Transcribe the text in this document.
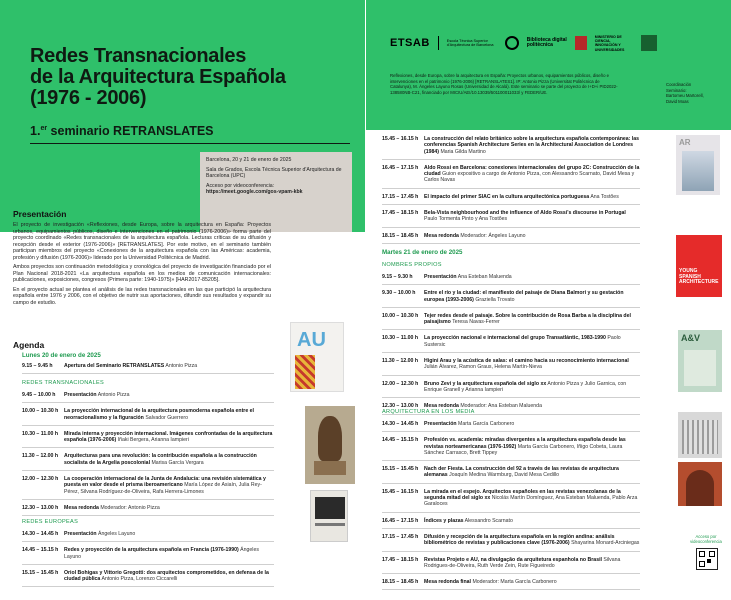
Redes Transnacionales
de la Arquitectura Española
(1976 - 2006)
1.$^{er}$ seminario RETRANSLATES

Barcelona, 20 y 21 de enero de 2025

Sala de Grados, Escola Técnica Superior d'Arquitectura de Barcelona (UPC)

Acceso por videoconferencia:

https://meet.google.com/gos-vpam-kbk

Presentación

El proyecto de investigación «Reflexiones, desde Europa, sobre la arquitectura en España: Proyectos urbanos, equipamientos públicos, diseño e intervenciones en el patrimonio (1976-2006)» forma parte del proyecto coordinado «Redes transnacionales de la arquitectura española. Lecturas críticas de su difusión y recepción desde el exterior (1976-2006)» [RETRANSLATES]. Por este motivo, en el seminario también participan miembros del proyecto «Conexiones de la arquitectura española con las Américas: academia, profesión y difusión (1976-2006)» liderado por la Universidad Politécnica de Madrid.

Ambos proyectos son continuación metodológica y cronológica del proyecto de investigación financiado por el Plan Nacional 2018-2021 «La arquitectura española en los medios de comunicación internacionales: publicaciones, exposiciones, congresos (Primera parte: 1940-1975)» [HAR2017-85205].

En el proyecto actual se plantea el análisis de las redes transnacionales en las que participó la arquitectura española entre 1976 y 2006, con el objetivo de nutrir sus aportaciones, difundir sus resultados y expandir su campo de estudio.

Agenda
Lunes 20 de enero de 2025
9.15 – 9.45 h	Apertura del Seminario RETRANSLATES Antonio Pizza
REDES TRANSNACIONALES
9.45 – 10.00 h	Presentación Antonio Pizza
10.00 – 10.30 h	La proyección internacional de la arquitectura posmoderna española entre el neorracionalismo y la figuración Salvador Guerrero
10.30 – 11.00 h	Mirada interna y proyección internacional. Imágenes confrontadas de la arquitectura española (1976-2006) Iñaki Bergera, Arianna Iampieri
11.30 – 12.00 h	Arquitecturas para una revolución: la contribución española a la construcción socialista de la Argelia poscolonial Marisa García Vergara
12.00 – 12.30 h	La cooperación internacional de la Junta de Andalucía: una revisión sistemática y puesta en valor desde el prisma iberoamericano María López de Asiaín, Julia Rey-Pérez, Silvana Rodríguez-de-Oliveira, Rafa Herrera-Limones
12.30 – 13.00 h	Mesa redonda Moderador: Antonio Pizza
REDES EUROPEAS
14.30 – 14.45 h	Presentación Ángeles Layuno
14.45 – 15.15 h	Redes y proyección de la arquitectura española en Francia (1976-1990) Ángeles Layuno
15.15 – 15.45 h	Oriol Bohigas y Vittorio Gregotti: dos arquitectos comprometidos, en defensa de la ciudad pública Antonio Pizza, Lorenzo Ciccarelli
AU
ETSAB	Escola Tècnica Superior d'Arquitectura de Barcelona
Biblioteca digital politècnica
MINISTERIO DE CIENCIA, INNOVACIÓN Y UNIVERSIDADES
Reflexiones, desde Europa, sobre la arquitectura en España: Proyectos urbanos, equipamientos públicos, diseño e intervenciones en el patrimonio (1976-2006) [RETRANSLATES1]. IP: Antonio Pizza (Universitat Politècnica de Catalunya), M. Ángeles Layuno Rosas (Universidad de Alcalá). Este seminario se parte del proyecto de I+D+i PID2022-138580NB-C21, financiado por MICIU/AEI/10.13039/501100011033/ y FEDER/UE.
Coordinación
Seminario:
Bartomeu Martorell,
David Moas
15.45 – 16.15 h	La construcción del relato británico sobre la arquitectura española contemporánea: las conferencias Spanish Architecture Series en la Architectural Association de Londres (1984) Maria Gilda Martino
16.45 – 17.15 h	Aldo Rossi en Barcelona: conexiones internacionales del grupo 2C: Construcción de la ciudad Guion expositivo a cargo de Antonio Pizza, con Alessandro Scarnato, David Mesa y Carlos Navas
17.15 – 17.45 h	El impacto del primer SIAC en la cultura arquitectónica portuguesa Ana Tostões
17.45 – 18.15 h	Bela-Vista neighbourhood and the influence of Aldo Rossi's discourse in Portugal Paulo Tormenta Pinto y Ana Tostões
18.15 – 18.45 h	Mesa redonda Moderador: Ángeles Layuno
Martes 21 de enero de 2025
NOMBRES PROPIOS
9.15 – 9.30 h	Presentación Ana Esteban Maluenda
9.30 – 10.00 h	Entre el río y la ciudad: el manifiesto del paisaje de Diana Balmori y su gestación europea (1993-2006) Graziella Trovato
10.00 – 10.30 h	Tejer redes desde el paisaje. Sobre la contribución de Rosa Barba a la disciplina del paisajismo Teresa Navas-Ferrer
10.30 – 11.00 h	La proyección nacional e internacional del grupo Transatlántic, 1983-1990 Paolo Sustersic
11.30 – 12.00 h	Higini Arau y la acústica de salas: el camino hacia su reconocimiento internacional Julián Álvarez, Ramon Graus, Helena Martín-Nieva
12.00 – 12.30 h	Bruno Zevi y la arquitectura española del siglo xx Antonio Pizza y Julio Garnica, con Enrique Granell y Arianna Iampieri
12.30 – 13.00 h	Mesa redonda Moderador: Ana Esteban Maluenda
ARQUITECTURA EN LOS MEDIA
14.30 – 14.45 h	Presentación Marta García Carbonero
14.45 – 15.15 h	Profesión vs. academia: miradas divergentes a la arquitectura española desde las revistas norteamericanas (1976-1992) Marta García Carbonero, Iñigo Cobeta, Laura Sánchez Carrasco, Brett Tippey
15.15 – 15.45 h	Nach der Fiesta. La construcción del 92 a través de las revistas de arquitectura alemanas Joaquín Medina Warmburg, David Mesa Cedillo
15.45 – 16.15 h	La mirada en el espejo. Arquitectos españoles en las revistas venezolanas de la segunda mitad del siglo xx Nicolás Martín Domínguez, Ana Esteban Maluenda, Pablo Arza Garaloces
16.45 – 17.15 h	Índices y plazas Alessandro Scarnato
17.15 – 17.45 h	Difusión y recepción de la arquitectura española en la región andina: análisis bibliométrico de revistas y publicaciones clave (1976-2006) Shayarina Monard-Arciniegas
17.45 – 18.15 h	Revistas Projeto e AU, na divulgação da arquitetura espanhola no Brasil Silvana Rodrigues-de-Oliveira, Ruth Verde Zein, Rute Figueiredo
18.15 – 18.45 h	Mesa redonda final Moderador: Marta García Carbonero
AR
YOUNG SPANISH ARCHITECTURE
A&V
Acceso por videoconferencia
